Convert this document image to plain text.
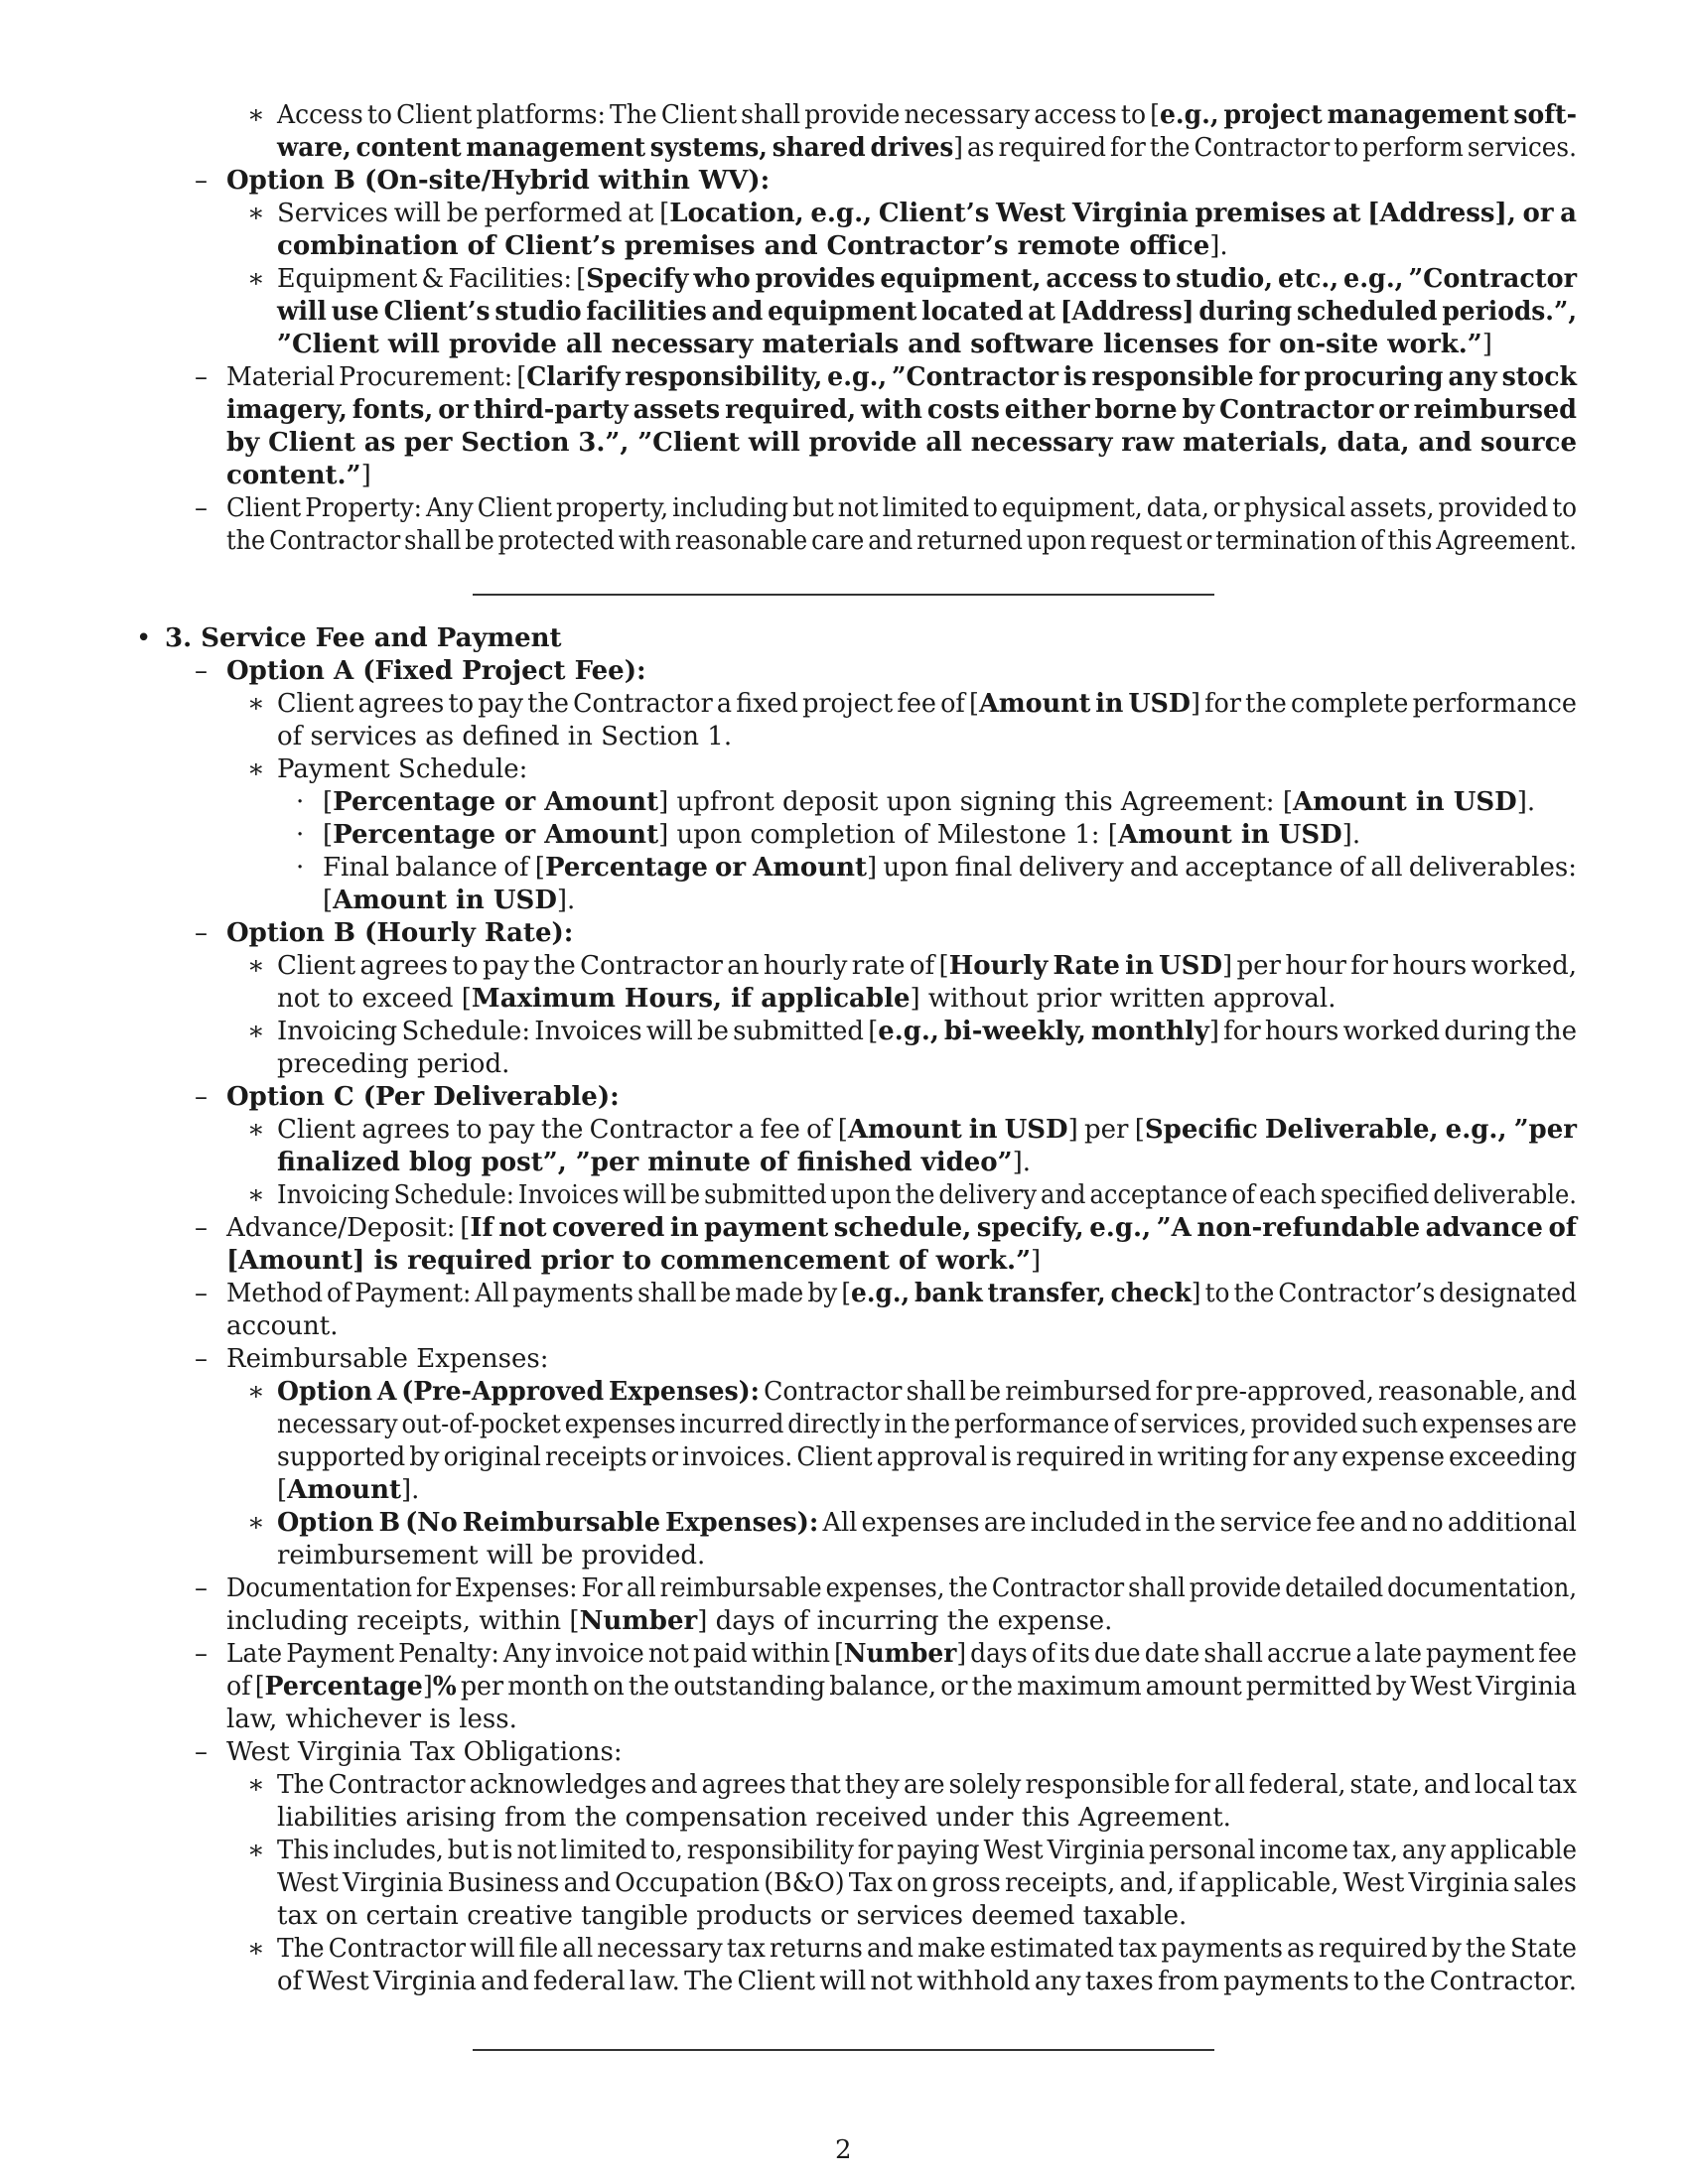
∗ Access to Client platforms: The Client shall provide necessary access to [e.g., project management soft-
ware, content management systems, shared drives] as required for the Contractor to perform services.
– Option B (On-site/Hybrid within WV):
∗ Services will be performed at [Location, e.g., Client’s West Virginia premises at [Address], or a
combination of Client’s premises and Contractor’s remote office].
∗ Equipment & Facilities: [Specify who provides equipment, access to studio, etc., e.g., ”Contractor
will use Client’s studio facilities and equipment located at [Address] during scheduled periods.”,
”Client will provide all necessary materials and software licenses for on-site work.”]
– Material Procurement: [Clarify responsibility, e.g., ”Contractor is responsible for procuring any stock
imagery, fonts, or third-party assets required, with costs either borne by Contractor or reimbursed
by Client as per Section 3.”, ”Client will provide all necessary raw materials, data, and source
content.”]
– Client Property: Any Client property, including but not limited to equipment, data, or physical assets, provided to
the Contractor shall be protected with reasonable care and returned upon request or termination of this Agreement.
• 3. Service Fee and Payment
– Option A (Fixed Project Fee):
∗ Client agrees to pay the Contractor a fixed project fee of [Amount in USD] for the complete performance
of services as defined in Section 1.
∗ Payment Schedule:
· [Percentage or Amount] upfront deposit upon signing this Agreement: [Amount in USD].
· [Percentage or Amount] upon completion of Milestone 1: [Amount in USD].
· Final balance of [Percentage or Amount] upon final delivery and acceptance of all deliverables:
[Amount in USD].
– Option B (Hourly Rate):
∗ Client agrees to pay the Contractor an hourly rate of [Hourly Rate in USD] per hour for hours worked,
not to exceed [Maximum Hours, if applicable] without prior written approval.
∗ Invoicing Schedule: Invoices will be submitted [e.g., bi-weekly, monthly] for hours worked during the
preceding period.
– Option C (Per Deliverable):
∗ Client agrees to pay the Contractor a fee of [Amount in USD] per [Specific Deliverable, e.g., ”per
finalized blog post”, ”per minute of finished video”].
∗ Invoicing Schedule: Invoices will be submitted upon the delivery and acceptance of each specified deliverable.
– Advance/Deposit: [If not covered in payment schedule, specify, e.g., ”A non-refundable advance of
[Amount] is required prior to commencement of work.”]
– Method of Payment: All payments shall be made by [e.g., bank transfer, check] to the Contractor’s designated
account.
– Reimbursable Expenses:
∗ Option A (Pre-Approved Expenses): Contractor shall be reimbursed for pre-approved, reasonable, and
necessary out-of-pocket expenses incurred directly in the performance of services, provided such expenses are
supported by original receipts or invoices. Client approval is required in writing for any expense exceeding
[Amount].
∗ Option B (No Reimbursable Expenses): All expenses are included in the service fee and no additional
reimbursement will be provided.
– Documentation for Expenses: For all reimbursable expenses, the Contractor shall provide detailed documentation,
including receipts, within [Number] days of incurring the expense.
– Late Payment Penalty: Any invoice not paid within [Number] days of its due date shall accrue a late payment fee
of [Percentage]% per month on the outstanding balance, or the maximum amount permitted by West Virginia
law, whichever is less.
– West Virginia Tax Obligations:
∗ The Contractor acknowledges and agrees that they are solely responsible for all federal, state, and local tax
liabilities arising from the compensation received under this Agreement.
∗ This includes, but is not limited to, responsibility for paying West Virginia personal income tax, any applicable
West Virginia Business and Occupation (B&O) Tax on gross receipts, and, if applicable, West Virginia sales
tax on certain creative tangible products or services deemed taxable.
∗ The Contractor will file all necessary tax returns and make estimated tax payments as required by the State
of West Virginia and federal law. The Client will not withhold any taxes from payments to the Contractor.
2
